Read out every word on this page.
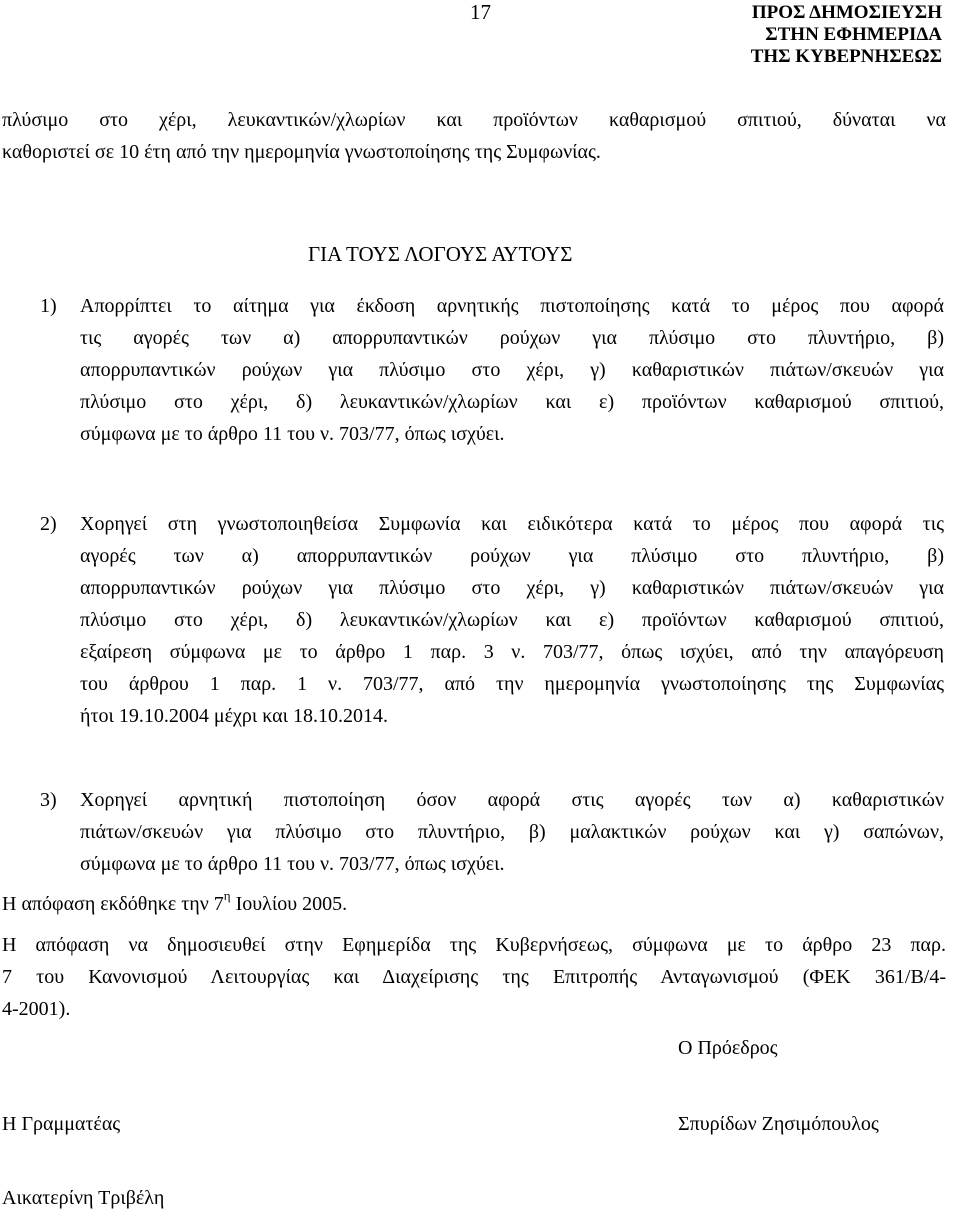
17	ΠΡΟΣ ΔΗΜΟΣΙΕΥΣΗ
ΣΤΗΝ ΕΦΗΜΕΡΙΔΑ
ΤΗΣ ΚΥΒΕΡΝΗΣΕΩΣ
πλύσιμο στο χέρι, λευκαντικών/χλωρίων και προϊόντων καθαρισμού σπιτιού, δύναται να
καθοριστεί σε 10 έτη από την ημερομηνία γνωστοποίησης της Συμφωνίας.
ΓΙΑ ΤΟΥΣ ΛΟΓΟΥΣ ΑΥΤΟΥΣ
1) Απορρίπτει το αίτημα για έκδοση αρνητικής πιστοποίησης κατά το μέρος που αφορά
τις αγορές των α) απορρυπαντικών ρούχων για πλύσιμο στο πλυντήριο, β)
απορρυπαντικών ρούχων για πλύσιμο στο χέρι, γ) καθαριστικών πιάτων/σκευών για
πλύσιμο στο χέρι, δ) λευκαντικών/χλωρίων και ε) προϊόντων καθαρισμού σπιτιού,
σύμφωνα με το άρθρο 11 του ν. 703/77, όπως ισχύει.
2) Χορηγεί στη γνωστοποιηθείσα Συμφωνία και ειδικότερα κατά το μέρος που αφορά τις
αγορές των α) απορρυπαντικών ρούχων για πλύσιμο στο πλυντήριο, β)
απορρυπαντικών ρούχων για πλύσιμο στο χέρι, γ) καθαριστικών πιάτων/σκευών για
πλύσιμο στο χέρι, δ) λευκαντικών/χλωρίων και ε) προϊόντων καθαρισμού σπιτιού,
εξαίρεση σύμφωνα με το άρθρο 1 παρ. 3 ν. 703/77, όπως ισχύει, από την απαγόρευση
του άρθρου 1 παρ. 1 ν. 703/77, από την ημερομηνία γνωστοποίησης της Συμφωνίας
ήτοι 19.10.2004 μέχρι και 18.10.2014.
3) Χορηγεί αρνητική πιστοποίηση όσον αφορά στις αγορές των α) καθαριστικών
πιάτων/σκευών για πλύσιμο στο πλυντήριο, β) μαλακτικών ρούχων και γ) σαπώνων,
σύμφωνα με το άρθρο 11 του ν. 703/77, όπως ισχύει.
Η απόφαση εκδόθηκε την $7^\eta$ Ιουλίου 2005.
Η απόφαση να δημοσιευθεί στην Εφημερίδα της Κυβερνήσεως, σύμφωνα με το άρθρο 23 παρ.
7 του Κανονισμού Λειτουργίας και Διαχείρισης της Επιτροπής Ανταγωνισμού (ΦΕΚ 361/Β/4-
4-2001).
Ο Πρόεδρος
Η Γραμματέας	Σπυρίδων Ζησιμόπουλος
Αικατερίνη Τριβέλη
